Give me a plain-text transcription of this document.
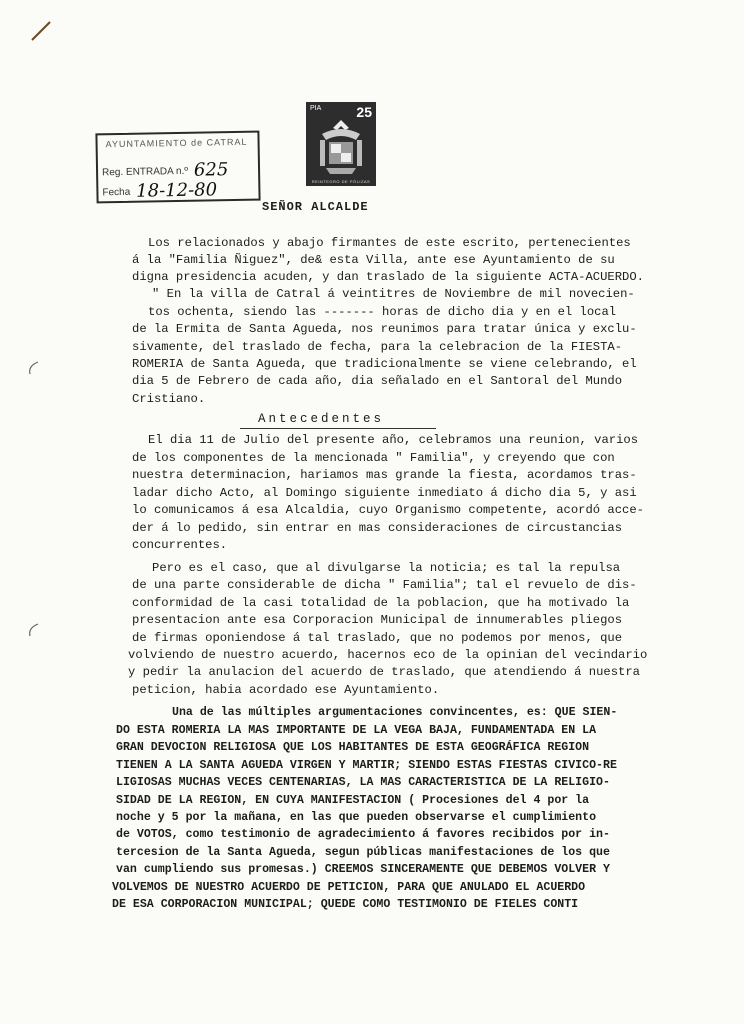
AYUNTAMIENTO de CATRAL
Reg. ENTRADA n.º 625
Fecha 18-12-80
PIA	25
REINTEGRO DE PÓLIZAS
SEÑOR ALCALDE
Los relacionados y abajo firmantes de este escrito, pertenecientes
á la "Familia Ñiguez", de& esta Villa, ante ese Ayuntamiento de su
digna presidencia acuden, y dan traslado de la siguiente ACTA-ACUERDO.
" En la villa de Catral á veintitres de Noviembre de mil novecien-
tos ochenta, siendo las ------- horas de dicho dia y en el local
de la Ermita de Santa Agueda, nos reunimos para tratar única y exclu-
sivamente, del traslado de fecha, para la celebracion de la FIESTA-
ROMERIA de Santa Agueda, que tradicionalmente se viene celebrando, el
dia 5 de Febrero de cada año, dia señalado en el Santoral del Mundo
Cristiano.
El dia 11 de Julio del presente año, celebramos una reunion, varios
de los componentes de la mencionada " Familia", y creyendo que con
nuestra determinacion, hariamos mas grande la fiesta, acordamos tras-
ladar dicho Acto, al Domingo siguiente inmediato á dicho dia 5, y asi
lo comunicamos á esa Alcaldia, cuyo Organismo competente, acordó acce-
der á lo pedido, sin entrar en mas consideraciones de circustancias
concurrentes.
Pero es el caso, que al divulgarse la noticia; es tal la repulsa
de una parte considerable de dicha " Familia"; tal el revuelo de dis-
conformidad de la casi totalidad de la poblacion, que ha motivado la
presentacion ante esa Corporacion Municipal de innumerables pliegos
de firmas oponiendose á tal traslado, que no podemos por menos, que
volviendo de nuestro acuerdo, hacernos eco de la opinian del vecindario
y pedir la anulacion del acuerdo de traslado, que atendiendo á nuestra
peticion, habia acordado ese Ayuntamiento.
Una de las múltiples argumentaciones convincentes, es: QUE SIEN-
DO ESTA ROMERIA LA MAS IMPORTANTE DE LA VEGA BAJA, FUNDAMENTADA EN LA
GRAN DEVOCION RELIGIOSA QUE LOS HABITANTES DE ESTA GEOGRÁFICA REGION
TIENEN A LA SANTA AGUEDA VIRGEN Y MARTIR; SIENDO ESTAS FIESTAS CIVICO-RE
LIGIOSAS MUCHAS VECES CENTENARIAS, LA MAS CARACTERISTICA DE LA RELIGIO-
SIDAD DE LA REGION, EN CUYA MANIFESTACION ( Procesiones del 4 por la
noche y 5 por la mañana, en las que pueden observarse el cumplimiento
de VOTOS, como testimonio de agradecimiento á favores recibidos por in-
tercesion de la Santa Agueda, segun públicas manifestaciones de los que
van cumpliendo sus promesas.) CREEMOS SINCERAMENTE QUE DEBEMOS VOLVER Y
VOLVEMOS DE NUESTRO ACUERDO DE PETICION, PARA QUE ANULADO EL ACUERDO
DE ESA CORPORACION MUNICIPAL; QUEDE COMO TESTIMONIO DE FIELES CONTI
Antecedentes
